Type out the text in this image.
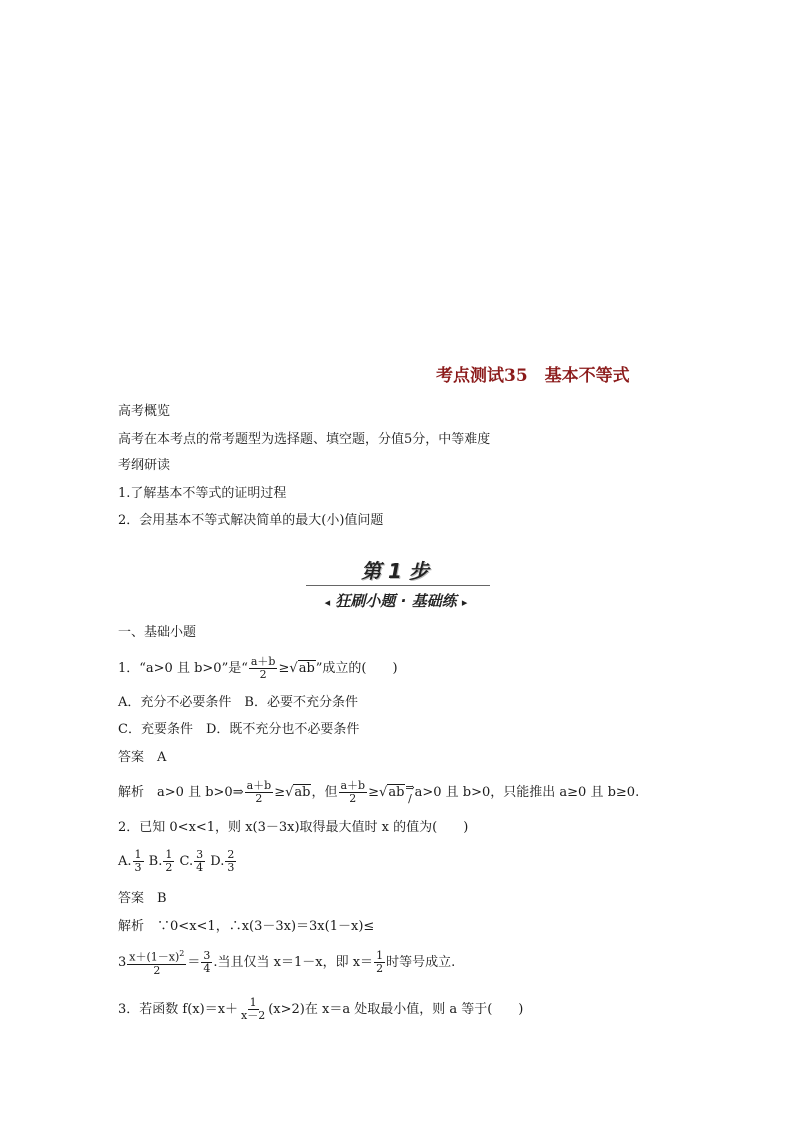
考点测试35　基本不等式
高考概览
高考在本考点的常考题型为选择题、填空题，分值5分，中等难度
考纲研读
1.了解基本不等式的证明过程
2．会用基本不等式解决简单的最大(小)值问题
第 1 步
◂ 狂刷小题 · 基础练 ▸
一、基础小题
1．“a>0 且 b>0”是“ $\frac{a+b}{2} \ge√ab$”成立的(　　)
A．充分不必要条件　B．必要不充分条件
C．充要条件　D．既不充分也不必要条件
答案　A
解析　 a>0 且 b>0⇒ $\frac{a+b}{2} \ge√ab$，但 $\frac{a+b}{2} \ge√ab$ ⇒
/ a>0 且 b>0，只能推出 a≥0 且 b≥0.
2．已知 0<x<1，则 x(3－3x)取得最大值时 x 的值为(　　)
A. $\frac{1}{3} B$. $\frac{1}{2} C$. $\frac{3}{4} D$. $\frac{2}{3}$
答案　B
解析　 ∵0<x<1，∴x(3－3x)＝3x(1－x)≤
$3 \frac{x+(1-x)^2}{2} = \frac{3}{4}$ .当且仅当 x＝1－x，即 $x= \frac{1}{2}$ 时等号成立.
3．若函数 $f(x)=x+ \frac{1}{x-2} (x>2)$在 x＝a 处取最小值，则 a 等于(　　)
